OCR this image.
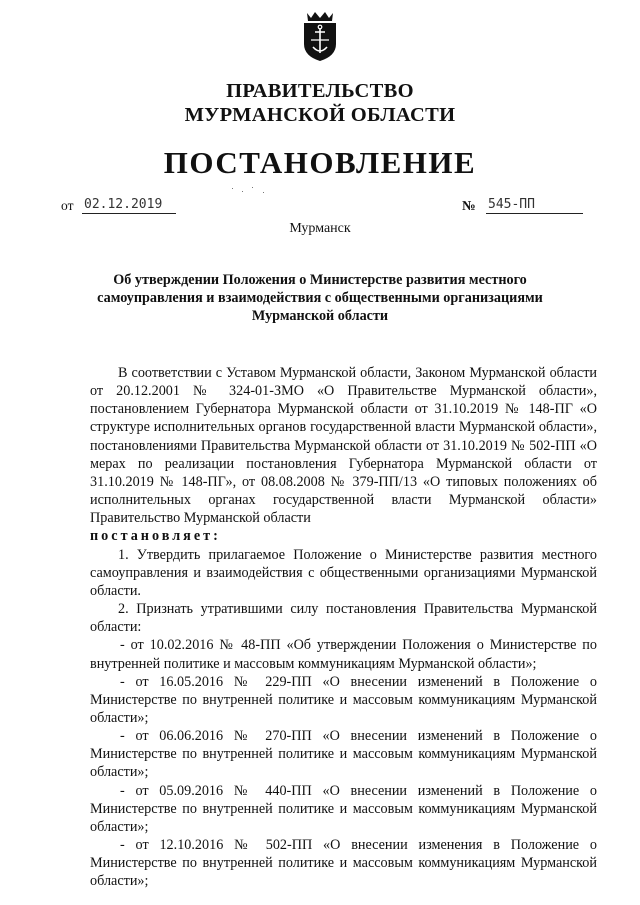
ПРАВИТЕЛЬСТВО
МУРМАНСКОЙ ОБЛАСТИ
ПОСТАНОВЛЕНИЕ
от 02.12.2019	№ 545-ПП
Мурманск
Об утверждении Положения о Министерстве развития местного самоуправления и взаимодействия с общественными организациями Мурманской области

В соответствии с Уставом Мурманской области, Законом Мурманской области от 20.12.2001 № 324-01-ЗМО «О Правительстве Мурманской области», постановлением Губернатора Мурманской области от 31.10.2019 № 148-ПГ «О структуре исполнительных органов государственной власти Мурманской области», постановлениями Правительства Мурманской области от 31.10.2019 № 502-ПП «О мерах по реализации постановления Губернатора Мурманской области от 31.10.2019 № 148-ПГ», от 08.08.2008 № 379-ПП/13 «О типовых положениях об исполнительных органах государственной власти Мурманской области» Правительство Мурманской области

постановляет:

1. Утвердить прилагаемое Положение о Министерстве развития местного самоуправления и взаимодействия с общественными организациями Мурманской области.

2. Признать утратившими силу постановления Правительства Мурманской области:

- от 10.02.2016 № 48-ПП «Об утверждении Положения о Министерстве по внутренней политике и массовым коммуникациям Мурманской области»;

- от 16.05.2016 № 229-ПП «О внесении изменений в Положение о Министерстве по внутренней политике и массовым коммуникациям Мурманской области»;

- от 06.06.2016 № 270-ПП «О внесении изменений в Положение о Министерстве по внутренней политике и массовым коммуникациям Мурманской области»;

- от 05.09.2016 № 440-ПП «О внесении изменений в Положение о Министерстве по внутренней политике и массовым коммуникациям Мурманской области»;

- от 12.10.2016 № 502-ПП «О внесении изменения в Положение о Министерстве по внутренней политике и массовым коммуникациям Мурманской области»;
